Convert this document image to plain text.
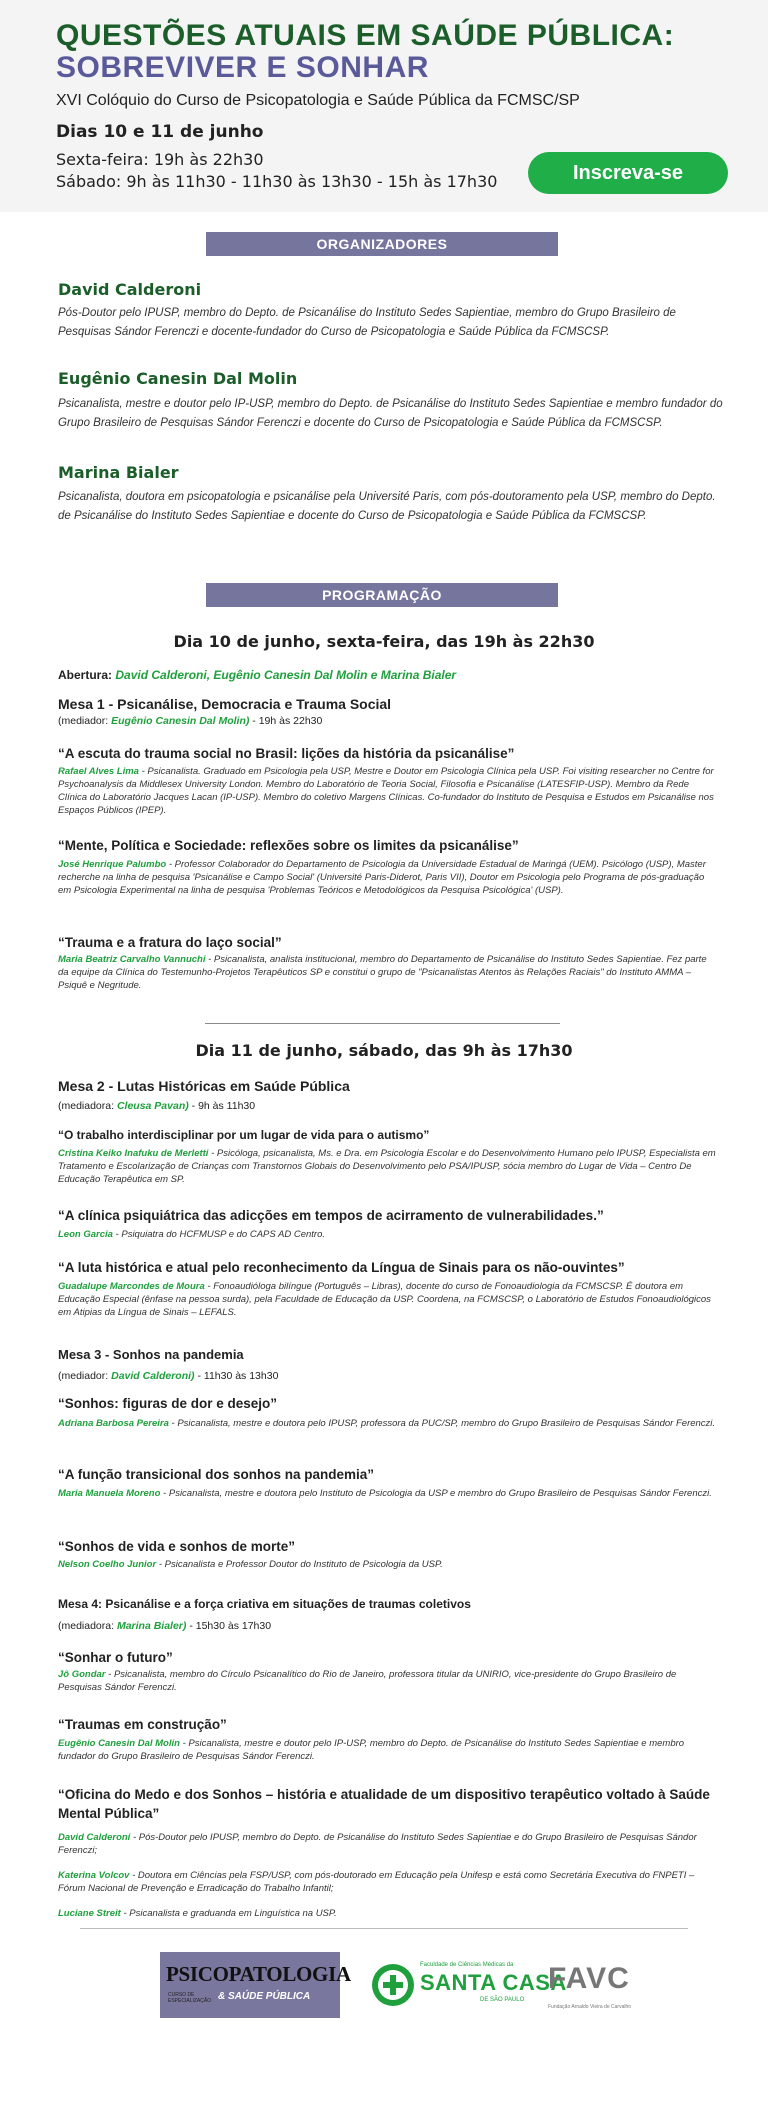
QUESTÕES ATUAIS EM SAÚDE PÚBLICA:
SOBREVIVER E SONHAR
XVI Colóquio do Curso de Psicopatologia e Saúde Pública da FCMSC/SP
Dias 10 e 11 de junho
Sexta-feira: 19h às 22h30
Sábado: 9h às 11h30 - 11h30 às 13h30 - 15h às 17h30	Inscreva-se
ORGANIZADORES
David Calderoni
Pós-Doutor pelo IPUSP, membro do Depto. de Psicanálise do Instituto Sedes Sapientiae, membro do Grupo Brasileiro de Pesquisas Sándor Ferenczi e docente-fundador do Curso de Psicopatologia e Saúde Pública da FCMSCSP.
Eugênio Canesin Dal Molin
Psicanalista, mestre e doutor pelo IP-USP, membro do Depto. de Psicanálise do Instituto Sedes Sapientiae e membro fundador do Grupo Brasileiro de Pesquisas Sándor Ferenczi e docente do Curso de Psicopatologia e Saúde Pública da FCMSCSP.
Marina Bialer
Psicanalista, doutora em psicopatologia e psicanálise pela Université Paris, com pós-doutoramento pela USP, membro do Depto. de Psicanálise do Instituto Sedes Sapientiae e docente do Curso de Psicopatologia e Saúde Pública da FCMSCSP.
PROGRAMAÇÃO
Dia 10 de junho, sexta-feira, das 19h às 22h30
Abertura: David Calderoni, Eugênio Canesin Dal Molin e Marina Bialer
Mesa 1 - Psicanálise, Democracia e Trauma Social
(mediador: Eugênio Canesin Dal Molin) - 19h às 22h30
“A escuta do trauma social no Brasil: lições da história da psicanálise”
Rafael Alves Lima - Psicanalista. Graduado em Psicologia pela USP, Mestre e Doutor em Psicologia Clínica pela USP. Foi visiting researcher no Centre for Psychoanalysis da Middlesex University London. Membro do Laboratório de Teoria Social, Filosofia e Psicanálise (LATESFIP-USP). Membro da Rede Clínica do Laboratório Jacques Lacan (IP-USP). Membro do coletivo Margens Clínicas. Co-fundador do Instituto de Pesquisa e Estudos em Psicanálise nos Espaços Públicos (IPEP).
“Mente, Política e Sociedade: reflexões sobre os limites da psicanálise”
José Henrique Palumbo - Professor Colaborador do Departamento de Psicologia da Universidade Estadual de Maringá (UEM). Psicólogo (USP), Master recherche na linha de pesquisa 'Psicanálise e Campo Social' (Université Paris-Diderot, Paris VII), Doutor em Psicologia pelo Programa de pós-graduação em Psicologia Experimental na linha de pesquisa 'Problemas Teóricos e Metodológicos da Pesquisa Psicológica' (USP).
“Trauma e a fratura do laço social”
Maria Beatriz Carvalho Vannuchi - Psicanalista, analista institucional, membro do Departamento de Psicanálise do Instituto Sedes Sapientiae. Fez parte da equipe da Clínica do Testemunho-Projetos Terapêuticos SP e constitui o grupo de "Psicanalistas Atentos às Relações Raciais" do Instituto AMMA – Psiquê e Negritude.
Dia 11 de junho, sábado, das 9h às 17h30
Mesa 2 - Lutas Históricas em Saúde Pública
(mediadora: Cleusa Pavan) - 9h às 11h30
“O trabalho interdisciplinar por um lugar de vida para o autismo”
Cristina Keiko Inafuku de Merletti - Psicóloga, psicanalista, Ms. e Dra. em Psicologia Escolar e do Desenvolvimento Humano pelo IPUSP, Especialista em Tratamento e Escolarização de Crianças com Transtornos Globais do Desenvolvimento pelo PSA/IPUSP, sócia membro do Lugar de Vida – Centro De Educação Terapêutica em SP.
“A clínica psiquiátrica das adicções em tempos de acirramento de vulnerabilidades.”
Leon Garcia - Psiquiatra do HCFMUSP e do CAPS AD Centro.
“A luta histórica e atual pelo reconhecimento da Língua de Sinais para os não-ouvintes”
Guadalupe Marcondes de Moura - Fonoaudióloga bilíngue (Português – Libras), docente do curso de Fonoaudiologia da FCMSCSP. É doutora em Educação Especial (ênfase na pessoa surda), pela Faculdade de Educação da USP. Coordena, na FCMSCSP, o Laboratório de Estudos Fonoaudiológicos em Atipias da Língua de Sinais – LEFALS.
Mesa 3 - Sonhos na pandemia
(mediador: David Calderoni) - 11h30 às 13h30
“Sonhos: figuras de dor e desejo”
Adriana Barbosa Pereira - Psicanalista, mestre e doutora pelo IPUSP, professora da PUC/SP, membro do Grupo Brasileiro de Pesquisas Sándor Ferenczi.
“A função transicional dos sonhos na pandemia”
Maria Manuela Moreno - Psicanalista, mestre e doutora pelo Instituto de Psicologia da USP e membro do Grupo Brasileiro de Pesquisas Sándor Ferenczi.
“Sonhos de vida e sonhos de morte”
Nelson Coelho Junior - Psicanalista e Professor Doutor do Instituto de Psicologia da USP.
Mesa 4: Psicanálise e a força criativa em situações de traumas coletivos
(mediadora: Marina Bialer) - 15h30 às 17h30
“Sonhar o futuro”
Jô Gondar - Psicanalista, membro do Círculo Psicanalítico do Rio de Janeiro, professora titular da UNIRIO, vice-presidente do Grupo Brasileiro de Pesquisas Sándor Ferenczi.
“Traumas em construção”
Eugênio Canesin Dal Molin - Psicanalista, mestre e doutor pelo IP-USP, membro do Depto. de Psicanálise do Instituto Sedes Sapientiae e membro fundador do Grupo Brasileiro de Pesquisas Sándor Ferenczi.
“Oficina do Medo e dos Sonhos – história e atualidade de um dispositivo terapêutico voltado à Saúde
Mental Pública”
David Calderoni - Pós-Doutor pelo IPUSP, membro do Depto. de Psicanálise do Instituto Sedes Sapientiae e do Grupo Brasileiro de Pesquisas Sándor Ferenczi;
Katerina Volcov - Doutora em Ciências pela FSP/USP, com pós-doutorado em Educação pela Unifesp e está como Secretária Executiva do FNPETI – Fórum Nacional de Prevenção e Erradicação do Trabalho Infantil;
Luciane Streit - Psicanalista e graduanda em Linguística na USP.
PSICOPATOLOGIA
CURSO DE ESPECIALIZAÇÃO & SAÚDE PÚBLICA
Faculdade de Ciências Médicas da
SANTA CASA
DE SÃO PAULO
FAVC
Fundação Arnaldo Vieira de Carvalho
